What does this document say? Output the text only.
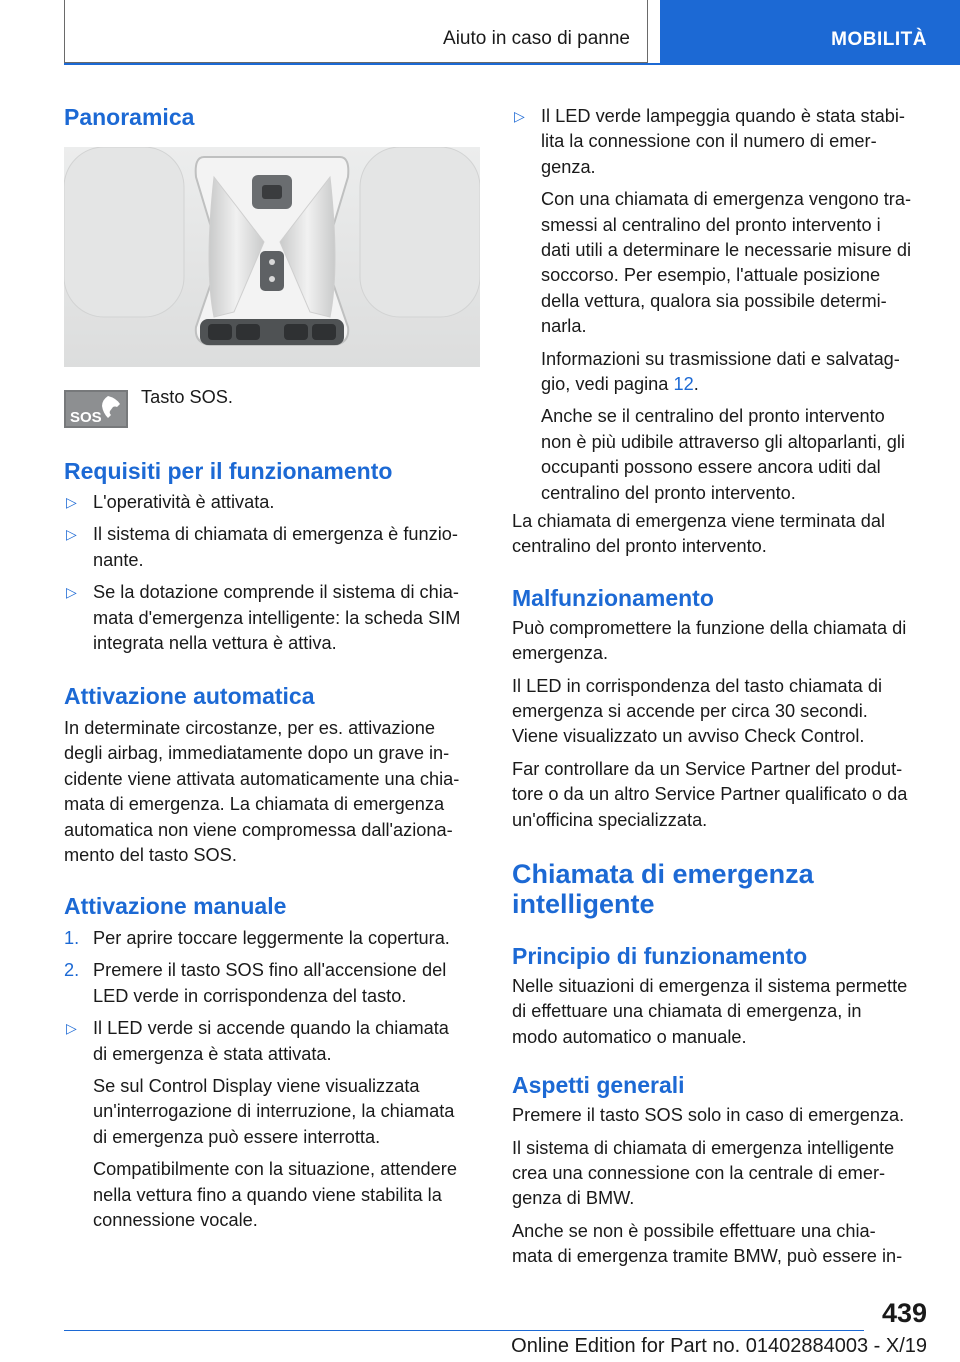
Aiuto in caso di panne	MOBILITÀ
Panoramica
SOS
Tasto SOS.
Requisiti per il funzionamento
▷ L'operatività è attivata.
▷ Il sistema di chiamata di emergenza è funzio-
nante.
▷ Se la dotazione comprende il sistema di chia-
mata d'emergenza intelligente: la scheda SIM
integrata nella vettura è attiva.
Attivazione automatica
In determinate circostanze, per es. attivazione
degli airbag, immediatamente dopo un grave in-
cidente viene attivata automaticamente una chia-
mata di emergenza. La chiamata di emergenza
automatica non viene compromessa dall'aziona-
mento del tasto SOS.
Attivazione manuale
1. Per aprire toccare leggermente la copertura.
2. Premere il tasto SOS fino all'accensione del
LED verde in corrispondenza del tasto.
▷ Il LED verde si accende quando la chiamata
di emergenza è stata attivata.
Se sul Control Display viene visualizzata
un'interrogazione di interruzione, la chiamata
di emergenza può essere interrotta.
Compatibilmente con la situazione, attendere
nella vettura fino a quando viene stabilita la
connessione vocale.
▷ Il LED verde lampeggia quando è stata stabi-
lita la connessione con il numero di emer-
genza.
Con una chiamata di emergenza vengono tra-
smessi al centralino del pronto intervento i
dati utili a determinare le necessarie misure di
soccorso. Per esempio, l'attuale posizione
della vettura, qualora sia possibile determi-
narla.
Informazioni su trasmissione dati e salvatag-
gio, vedi pagina 12.
Anche se il centralino del pronto intervento
non è più udibile attraverso gli altoparlanti, gli
occupanti possono essere ancora uditi dal
centralino del pronto intervento.
La chiamata di emergenza viene terminata dal
centralino del pronto intervento.
Malfunzionamento
Può compromettere la funzione della chiamata di
emergenza.
Il LED in corrispondenza del tasto chiamata di
emergenza si accende per circa 30 secondi.
Viene visualizzato un avviso Check Control.
Far controllare da un Service Partner del produt-
tore o da un altro Service Partner qualificato o da
un'officina specializzata.
Chiamata di emergenza
intelligente
Principio di funzionamento
Nelle situazioni di emergenza il sistema permette
di effettuare una chiamata di emergenza, in
modo automatico o manuale.
Aspetti generali
Premere il tasto SOS solo in caso di emergenza.
Il sistema di chiamata di emergenza intelligente
crea una connessione con la centrale di emer-
genza di BMW.
Anche se non è possibile effettuare una chia-
mata di emergenza tramite BMW, può essere in-
439
Online Edition for Part no. 01402884003 - X/19
